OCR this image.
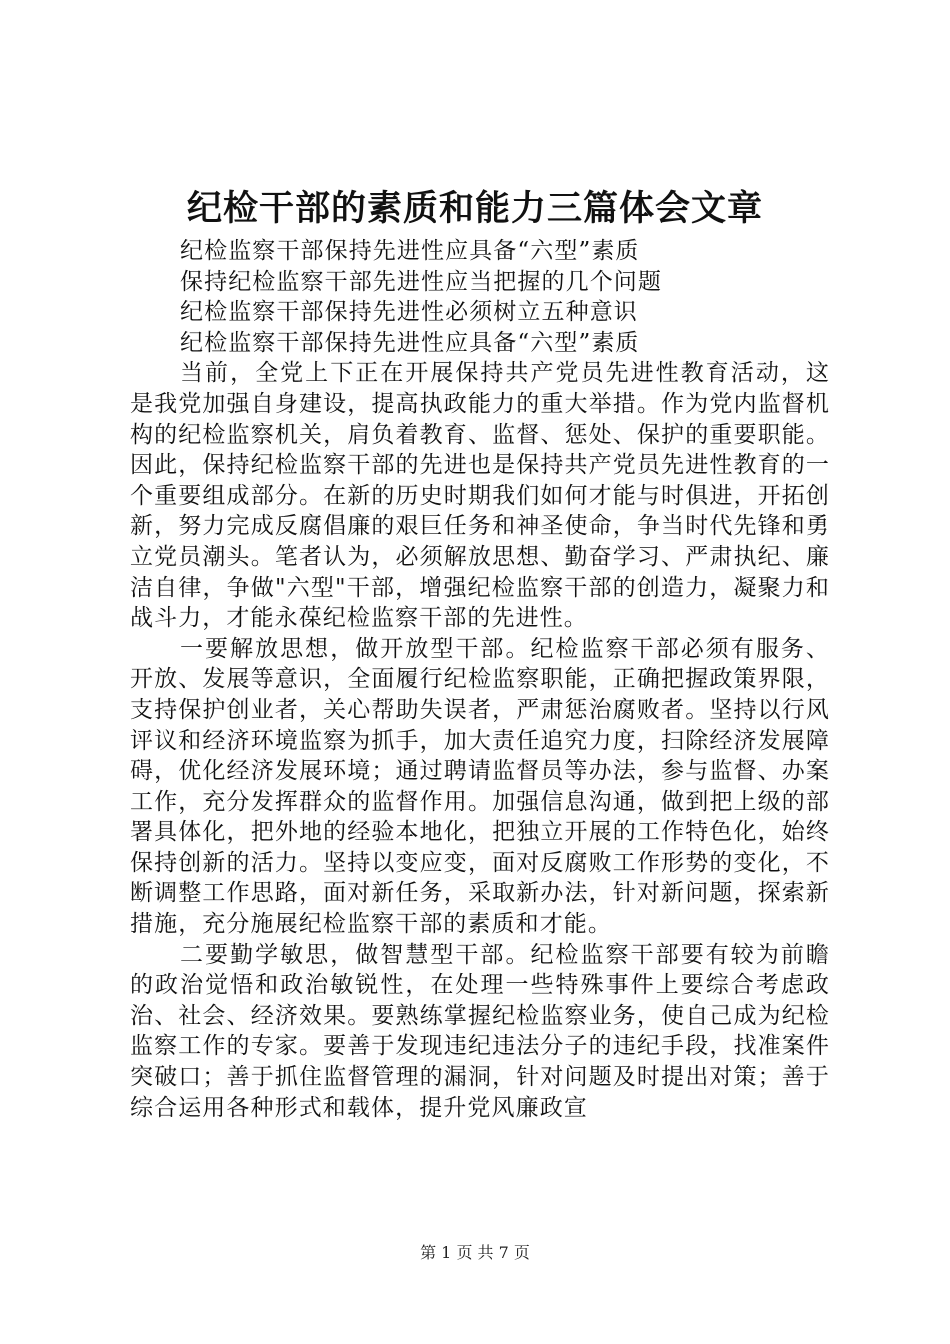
纪检干部的素质和能力三篇体会文章

纪检监察干部保持先进性应具备“六型”素质

保持纪检监察干部先进性应当把握的几个问题

纪检监察干部保持先进性必须树立五种意识

纪检监察干部保持先进性应具备“六型”素质

当前，全党上下正在开展保持共产党员先进性教育活动，这是我党加强自身建设，提高执政能力的重大举措。作为党内监督机构的纪检监察机关，肩负着教育、监督、惩处、保护的重要职能。因此，保持纪检监察干部的先进也是保持共产党员先进性教育的一个重要组成部分。在新的历史时期我们如何才能与时俱进，开拓创新，努力完成反腐倡廉的艰巨任务和神圣使命，争当时代先锋和勇立党员潮头。笔者认为，必须解放思想、勤奋学习、严肃执纪、廉洁自律，争做"六型"干部，增强纪检监察干部的创造力，凝聚力和战斗力，才能永葆纪检监察干部的先进性。

一要解放思想，做开放型干部。纪检监察干部必须有服务、开放、发展等意识，全面履行纪检监察职能，正确把握政策界限，支持保护创业者，关心帮助失误者，严肃惩治腐败者。坚持以行风评议和经济环境监察为抓手，加大责任追究力度，扫除经济发展障碍，优化经济发展环境；通过聘请监督员等办法，参与监督、办案工作，充分发挥群众的监督作用。加强信息沟通，做到把上级的部署具体化，把外地的经验本地化，把独立开展的工作特色化，始终保持创新的活力。坚持以变应变，面对反腐败工作形势的变化，不断调整工作思路，面对新任务，采取新办法，针对新问题，探索新措施，充分施展纪检监察干部的素质和才能。

二要勤学敏思，做智慧型干部。纪检监察干部要有较为前瞻的政治觉悟和政治敏锐性，在处理一些特殊事件上要综合考虑政治、社会、经济效果。要熟练掌握纪检监察业务，使自己成为纪检监察工作的专家。要善于发现违纪违法分子的违纪手段，找准案件突破口；善于抓住监督管理的漏洞，针对问题及时提出对策；善于综合运用各种形式和载体，提升党风廉政宣

第 1 页 共 7 页
